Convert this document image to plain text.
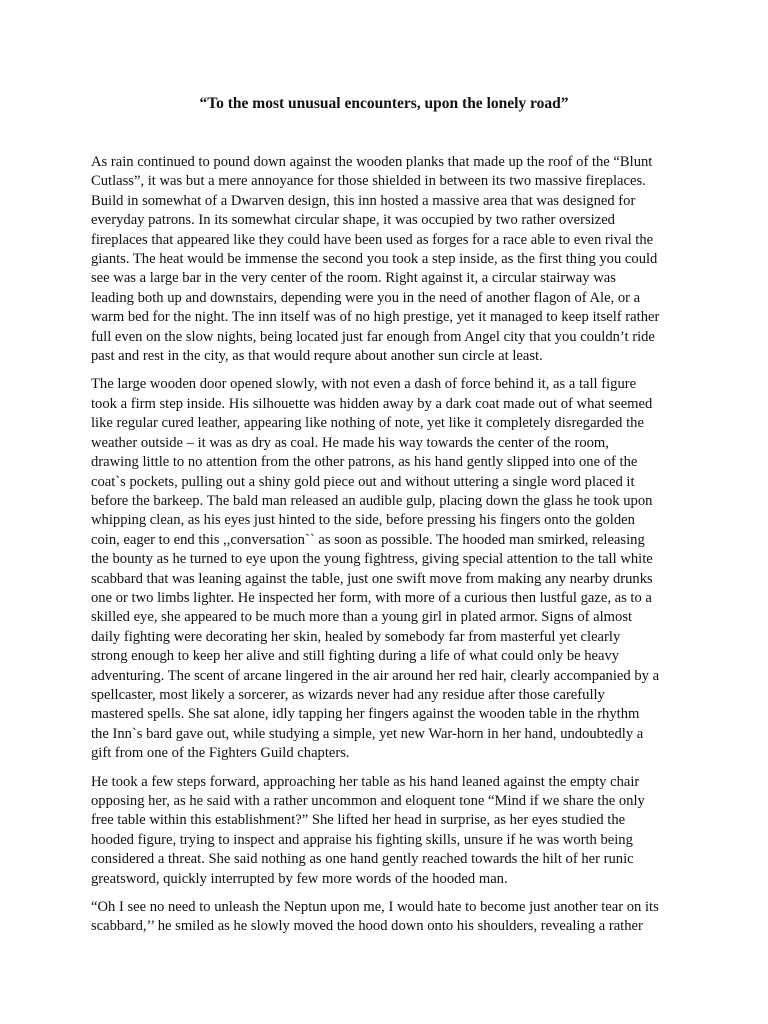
“To the most unusual encounters, upon the lonely road”

As rain continued to pound down against the wooden planks that made up the roof of the “Blunt
Cutlass”, it was but a mere annoyance for those shielded in between its two massive fireplaces.
Build in somewhat of a Dwarven design, this inn hosted a massive area that was designed for
everyday patrons. In its somewhat circular shape, it was occupied by two rather oversized
fireplaces that appeared like they could have been used as forges for a race able to even rival the
giants. The heat would be immense the second you took a step inside, as the first thing you could
see was a large bar in the very center of the room. Right against it, a circular stairway was
leading both up and downstairs, depending were you in the need of another flagon of Ale, or a
warm bed for the night. The inn itself was of no high prestige, yet it managed to keep itself rather
full even on the slow nights, being located just far enough from Angel city that you couldn’t ride
past and rest in the city, as that would requre about another sun circle at least.

The large wooden door opened slowly, with not even a dash of force behind it, as a tall figure
took a firm step inside. His silhouette was hidden away by a dark coat made out of what seemed
like regular cured leather, appearing like nothing of note, yet like it completely disregarded the
weather outside – it was as dry as coal. He made his way towards the center of the room,
drawing little to no attention from the other patrons, as his hand gently slipped into one of the
coat`s pockets, pulling out a shiny gold piece out and without uttering a single word placed it
before the barkeep. The bald man released an audible gulp, placing down the glass he took upon
whipping clean, as his eyes just hinted to the side, before pressing his fingers onto the golden
coin, eager to end this ,,conversation`` as soon as possible. The hooded man smirked, releasing
the bounty as he turned to eye upon the young fightress, giving special attention to the tall white
scabbard that was leaning against the table, just one swift move from making any nearby drunks
one or two limbs lighter. He inspected her form, with more of a curious then lustful gaze, as to a
skilled eye, she appeared to be much more than a young girl in plated armor. Signs of almost
daily fighting were decorating her skin, healed by somebody far from masterful yet clearly
strong enough to keep her alive and still fighting during a life of what could only be heavy
adventuring. The scent of arcane lingered in the air around her red hair, clearly accompanied by a
spellcaster, most likely a sorcerer, as wizards never had any residue after those carefully
mastered spells. She sat alone, idly tapping her fingers against the wooden table in the rhythm
the Inn`s bard gave out, while studying a simple, yet new War-horn in her hand, undoubtedly a
gift from one of the Fighters Guild chapters.

He took a few steps forward, approaching her table as his hand leaned against the empty chair
opposing her, as he said with a rather uncommon and eloquent tone “Mind if we share the only
free table within this establishment?” She lifted her head in surprise, as her eyes studied the
hooded figure, trying to inspect and appraise his fighting skills, unsure if he was worth being
considered a threat. She said nothing as one hand gently reached towards the hilt of her runic
greatsword, quickly interrupted by few more words of the hooded man.

“Oh I see no need to unleash the Neptun upon me, I would hate to become just another tear on its
scabbard,’’ he smiled as he slowly moved the hood down onto his shoulders, revealing a rather
